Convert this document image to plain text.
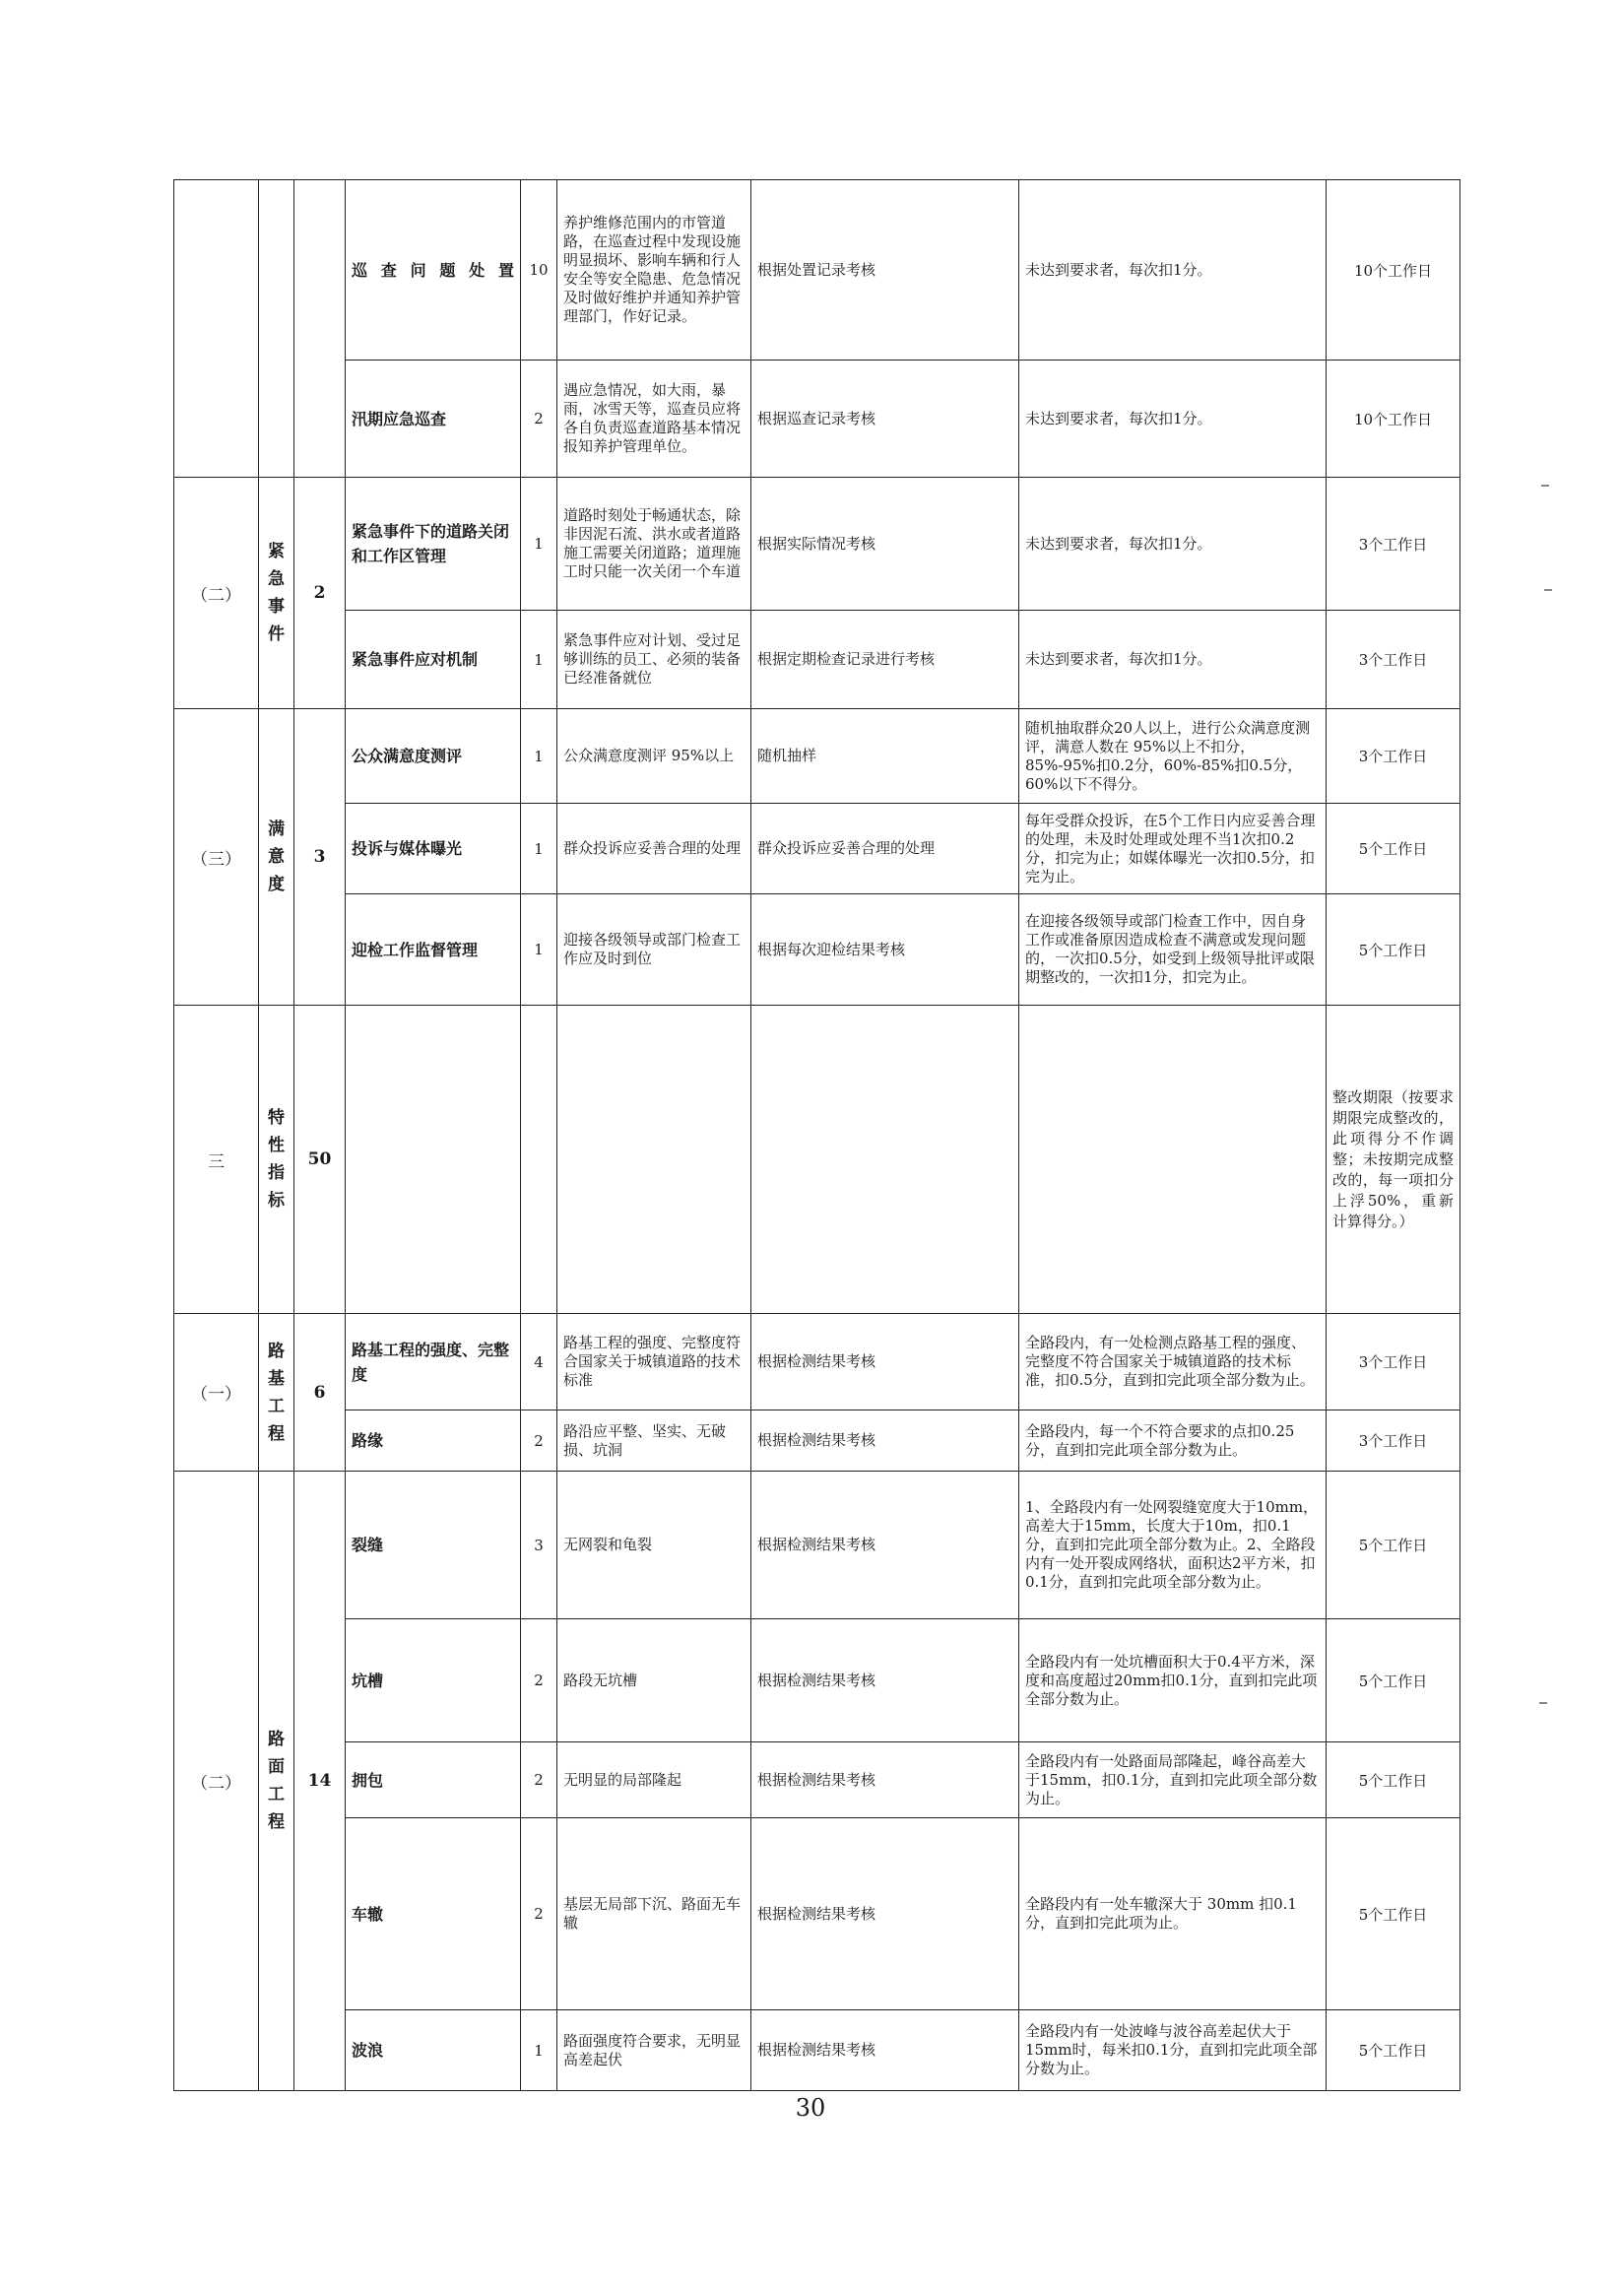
			巡查问题处置	10	养护维修范围内的市管道路，在巡查过程中发现设施明显损坏、影响车辆和行人安全等安全隐患、危急情况及时做好维护并通知养护管理部门，作好记录。	根据处置记录考核	未达到要求者，每次扣1分。	10个工作日
			汛期应急巡查	2	遇应急情况，如大雨，暴雨，冰雪天等，巡查员应将各自负责巡查道路基本情况报知养护管理单位。	根据巡查记录考核	未达到要求者，每次扣1分。	10个工作日
（二）	紧急事件	2	紧急事件下的道路关闭和工作区管理	1	道路时刻处于畅通状态，除非因泥石流、洪水或者道路施工需要关闭道路；道理施工时只能一次关闭一个车道	根据实际情况考核	未达到要求者，每次扣1分。	3个工作日
			紧急事件应对机制	1	紧急事件应对计划、受过足够训练的员工、必须的装备已经准备就位	根据定期检查记录进行考核	未达到要求者，每次扣1分。	3个工作日
（三）	满意度	3	公众满意度测评	1	公众满意度测评 95%以上	随机抽样	随机抽取群众20人以上，进行公众满意度测评，满意人数在 95%以上不扣分，85%-95%扣0.2分，60%-85%扣0.5分，60%以下不得分。	3个工作日
			投诉与媒体曝光	1	群众投诉应妥善合理的处理	群众投诉应妥善合理的处理	每年受群众投诉，在5个工作日内应妥善合理的处理，未及时处理或处理不当1次扣0.2分，扣完为止；如媒体曝光一次扣0.5分，扣完为止。	5个工作日
			迎检工作监督管理	1	迎接各级领导或部门检查工作应及时到位	根据每次迎检结果考核	在迎接各级领导或部门检查工作中，因自身工作或准备原因造成检查不满意或发现问题的，一次扣0.5分，如受到上级领导批评或限期整改的，一次扣1分，扣完为止。	5个工作日
三	特性指标	50						整改期限（按要求期限完成整改的，此项得分不作调整；未按期完成整改的，每一项扣分上浮50%，重新计算得分。）
（一）	路基工程	6	路基工程的强度、完整度	4	路基工程的强度、完整度符合国家关于城镇道路的技术标准	根据检测结果考核	全路段内，有一处检测点路基工程的强度、完整度不符合国家关于城镇道路的技术标准，扣0.5分，直到扣完此项全部分数为止。	3个工作日
			路缘	2	路沿应平整、坚实、无破损、坑洞	根据检测结果考核	全路段内，每一个不符合要求的点扣0.25分，直到扣完此项全部分数为止。	3个工作日
（二）	路面工程	14	裂缝	3	无网裂和龟裂	根据检测结果考核	1、全路段内有一处网裂缝宽度大于10mm，高差大于15mm，长度大于10m，扣0.1分，直到扣完此项全部分数为止。2、全路段内有一处开裂成网络状，面积达2平方米，扣0.1分，直到扣完此项全部分数为止。	5个工作日
			坑槽	2	路段无坑槽	根据检测结果考核	全路段内有一处坑槽面积大于0.4平方米，深度和高度超过20mm扣0.1分，直到扣完此项全部分数为止。	5个工作日
			拥包	2	无明显的局部隆起	根据检测结果考核	全路段内有一处路面局部隆起，峰谷高差大于15mm，扣0.1分，直到扣完此项全部分数为止。	5个工作日
			车辙	2	基层无局部下沉、路面无车辙	根据检测结果考核	全路段内有一处车辙深大于 30mm 扣0.1分，直到扣完此项为止。	5个工作日
			波浪	1	路面强度符合要求，无明显高差起伏	根据检测结果考核	全路段内有一处波峰与波谷高差起伏大于15mm时，每米扣0.1分，直到扣完此项全部分数为止。	5个工作日
30
